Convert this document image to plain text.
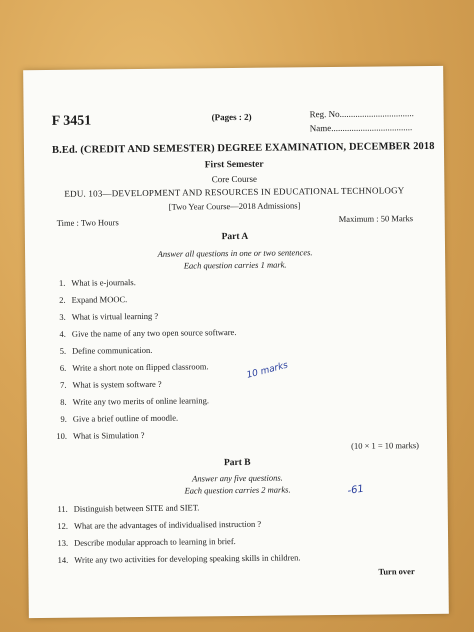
F 3451	(Pages : 2)	Reg. No.................................
Name....................................
B.Ed. (CREDIT AND SEMESTER) DEGREE EXAMINATION, DECEMBER 2018
First Semester
Core Course
EDU. 103—DEVELOPMENT AND RESOURCES IN EDUCATIONAL TECHNOLOGY
[Two Year Course—2018 Admissions]
Time : Two Hours	Maximum : 50 Marks
Part A
Answer all questions in one or two sentences.
Each question carries 1 mark.
1. What is e-journals.
2. Expand MOOC.
3. What is virtual learning ?
4. Give the name of any two open source software.
5. Define communication.
6. Write a short note on flipped classroom.
7. What is system software ?
8. Write any two merits of online learning.
9. Give a brief outline of moodle.
10. What is Simulation ?
(10 × 1 = 10 marks)
Part B
Answer any five questions.
Each question carries 2 marks.
11. Distinguish between SITE and SIET.
12. What are the advantages of individualised instruction ?
13. Describe modular approach to learning in brief.
14. Write any two activities for developing speaking skills in children.
Turn over
10 marks
-61
